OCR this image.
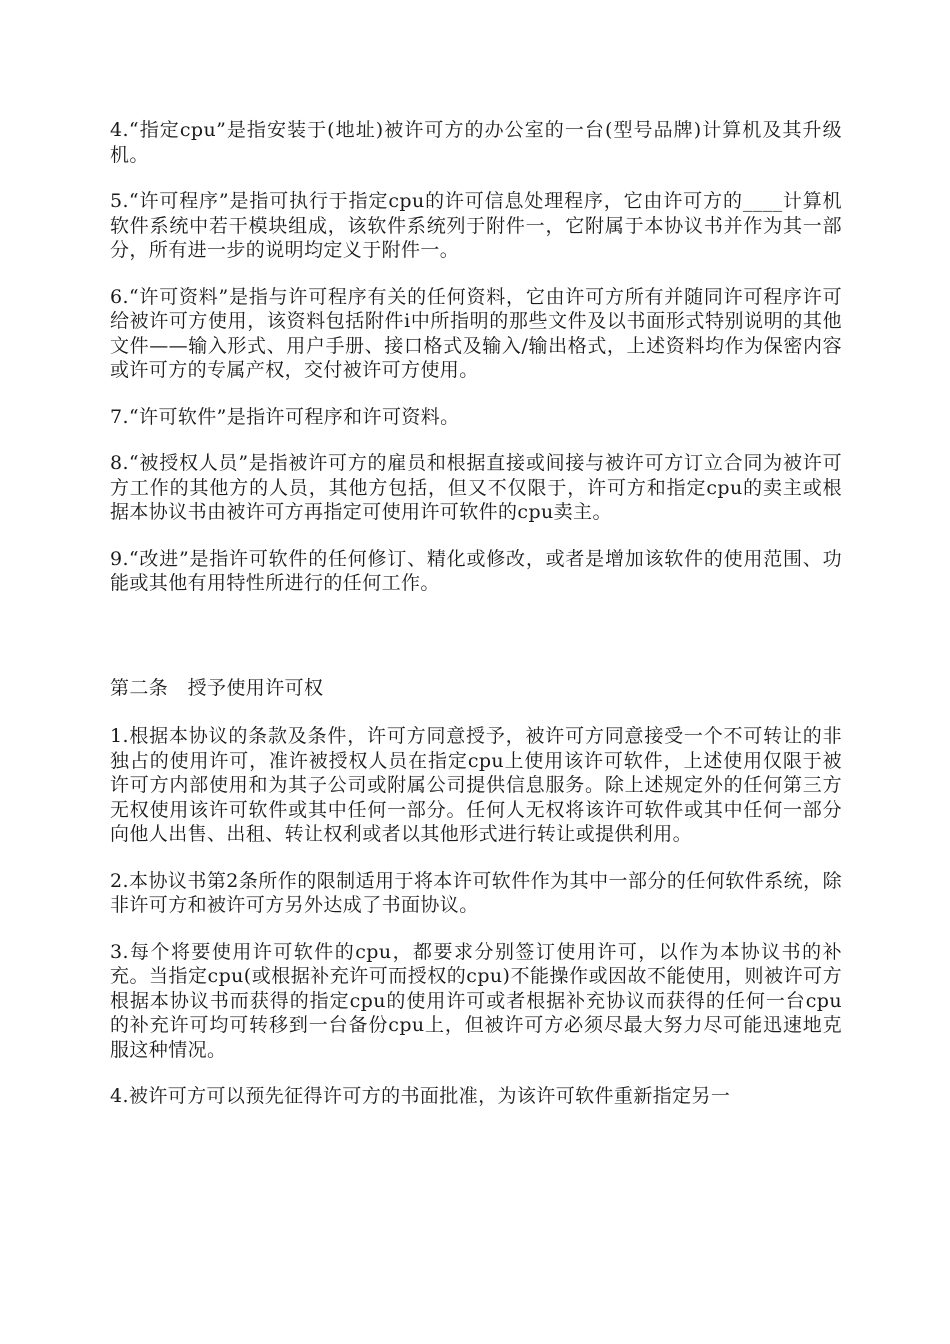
4.“指定cpu”是指安装于(地址)被许可方的办公室的一台(型号品牌)计算机及其升级机。

5.“许可程序”是指可执行于指定cpu的许可信息处理程序，它由许可方的____计算机软件系统中若干模块组成，该软件系统列于附件一，它附属于本协议书并作为其一部分，所有进一步的说明均定义于附件一。

6.“许可资料”是指与许可程序有关的任何资料，它由许可方所有并随同许可程序许可给被许可方使用，该资料包括附件i中所指明的那些文件及以书面形式特别说明的其他文件——输入形式、用户手册、接口格式及输入/输出格式，上述资料均作为保密内容或许可方的专属产权，交付被许可方使用。

7.“许可软件”是指许可程序和许可资料。

8.“被授权人员”是指被许可方的雇员和根据直接或间接与被许可方订立合同为被许可方工作的其他方的人员，其他方包括，但又不仅限于，许可方和指定cpu的卖主或根据本协议书由被许可方再指定可使用许可软件的cpu卖主。

9.“改进”是指许可软件的任何修订、精化或修改，或者是增加该软件的使用范围、功能或其他有用特性所进行的任何工作。

第二条　授予使用许可权

1.根据本协议的条款及条件，许可方同意授予，被许可方同意接受一个不可转让的非独占的使用许可，准许被授权人员在指定cpu上使用该许可软件，上述使用仅限于被许可方内部使用和为其子公司或附属公司提供信息服务。除上述规定外的任何第三方无权使用该许可软件或其中任何一部分。任何人无权将该许可软件或其中任何一部分向他人出售、出租、转让权利或者以其他形式进行转让或提供利用。

2.本协议书第2条所作的限制适用于将本许可软件作为其中一部分的任何软件系统，除非许可方和被许可方另外达成了书面协议。

3.每个将要使用许可软件的cpu，都要求分别签订使用许可，以作为本协议书的补充。当指定cpu(或根据补充许可而授权的cpu)不能操作或因故不能使用，则被许可方根据本协议书而获得的指定cpu的使用许可或者根据补充协议而获得的任何一台cpu的补充许可均可转移到一台备份cpu上，但被许可方必须尽最大努力尽可能迅速地克服这种情况。

4.被许可方可以预先征得许可方的书面批准，为该许可软件重新指定另一
